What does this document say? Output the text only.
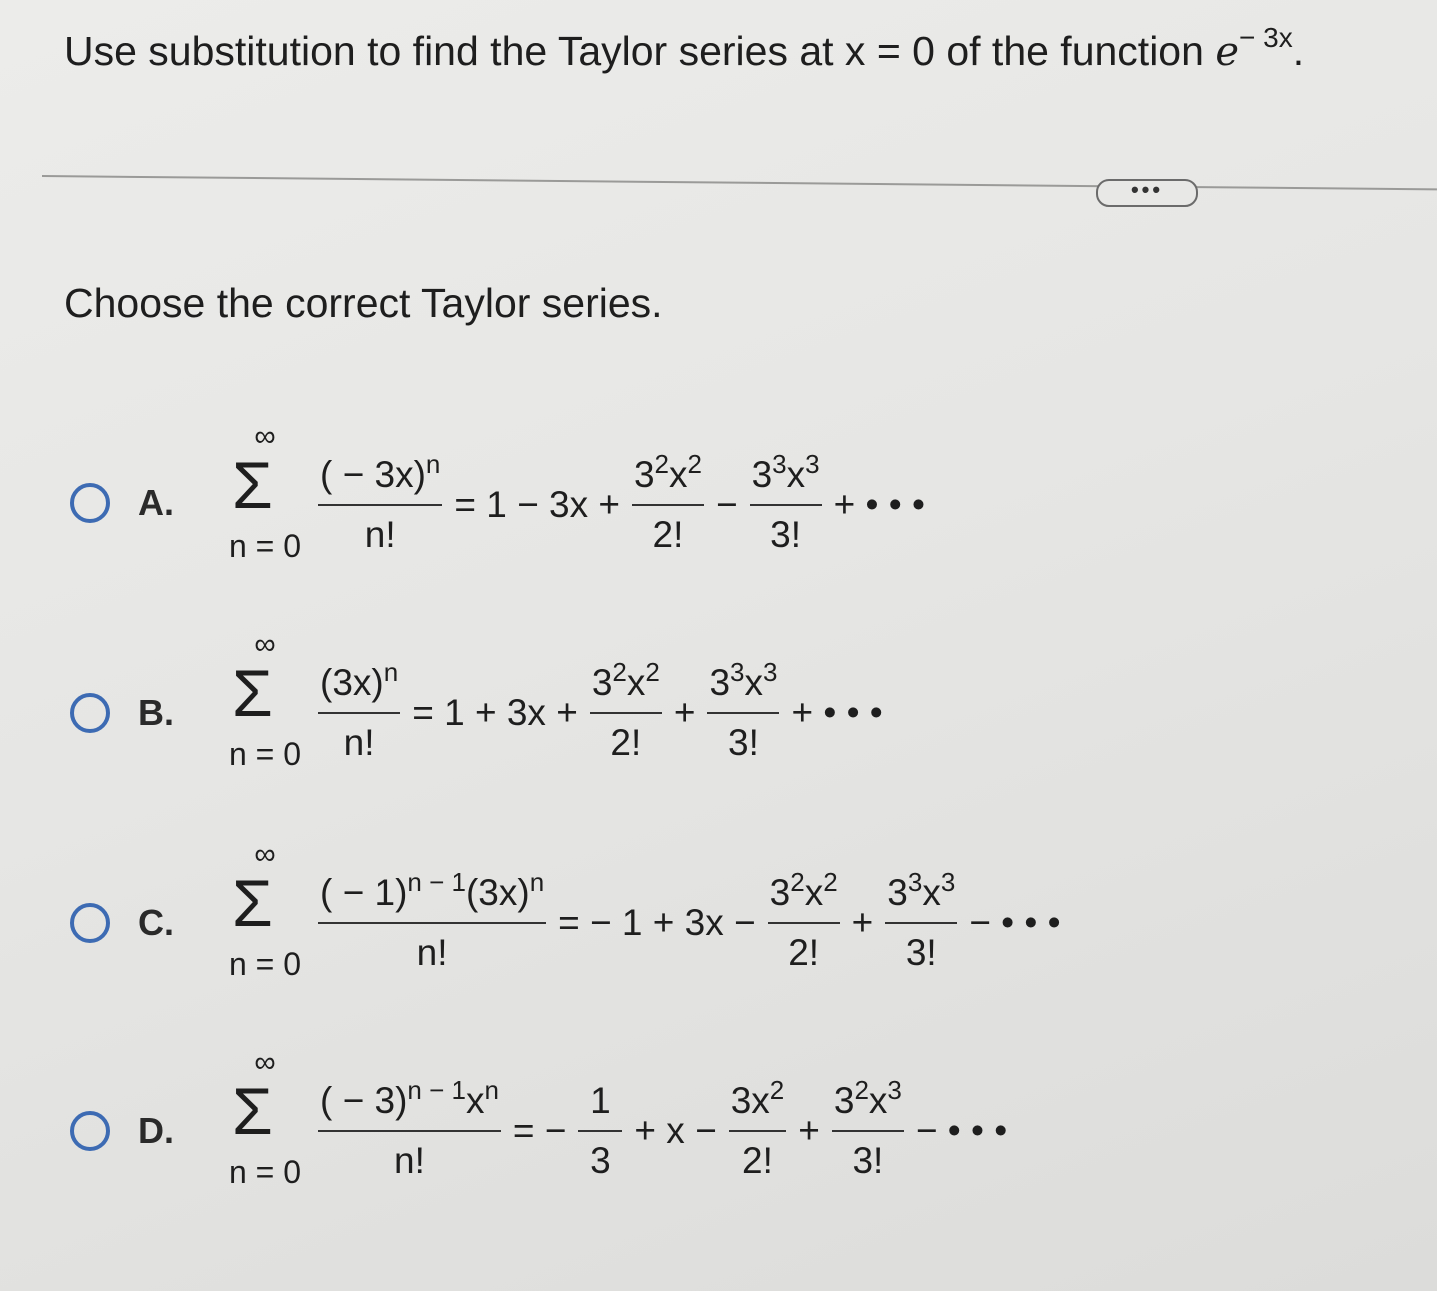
Use substitution to find the Taylor series at x = 0 of the function $e^{- 3x}$.
•••
Choose the correct Taylor series.
A.
∞
Σ
$n = 0 \frac{( - 3x)^n}{n!} = 1 - 3x + \frac{3^2x^2}{2!} - \frac{3^3x^3}{3!}$ + • • •
B.
∞
Σ
$n = 0 \frac{(3x)^n}{n!} = 1 + 3x + \frac{3^2x^2}{2!} + \frac{3^3x^3}{3!}$ + • • •
C.
∞
Σ
$n = 0 \frac{( - 1)^{n - 1}(3x)^n}{n!}$ = − $1 + 3x - \frac{3^2x^2}{2!} + \frac{3^3x^3}{3!}$ − • • •
D.
∞
Σ
$n = 0 \frac{( - 3)^{n - 1}x^n}{n!}$ = − $\frac{1}{3} + x - \frac{3x^2}{2!} + \frac{3^2x^3}{3!}$ − • • •
